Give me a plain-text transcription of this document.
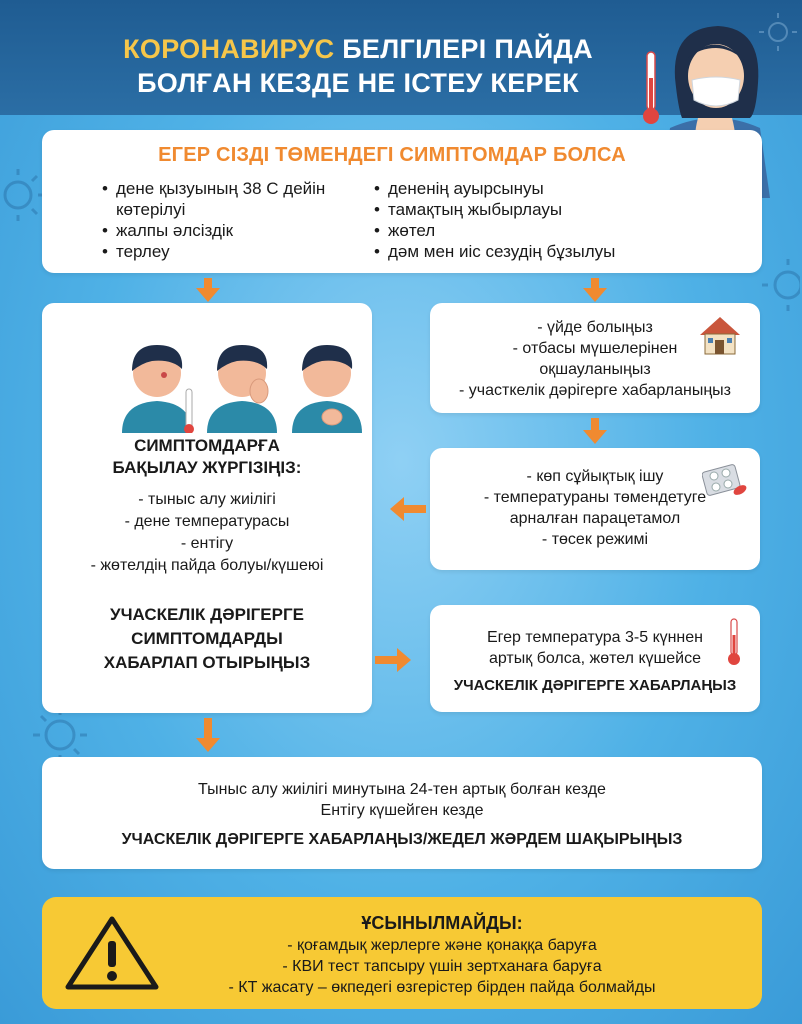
КОРОНАВИРУС БЕЛГІЛЕРІ ПАЙДА
БОЛҒАН КЕЗДЕ НЕ ІСТЕУ КЕРЕК
ЕГЕР СІЗДІ ТӨМЕНДЕГІ СИМПТОМДАР БОЛСА
• дене қызуының 38 С дейін көтерілуі
• жалпы әлсіздік
• терлеу
• дененің ауырсынуы
• тамақтың жыбырлауы
• жөтел
• дәм мен иіс сезудің бұзылуы
СИМПТОМДАРҒА
БАҚЫЛАУ ЖҮРГІЗІҢІЗ:
- тыныс алу жиілігі
- дене температурасы
- ентігу
- жөтелдің пайда болуы/күшеюі
УЧАСКЕЛІК ДӘРІГЕРГЕ
СИМПТОМДАРДЫ
ХАБАРЛАП ОТЫРЫҢЫЗ
- үйде болыңыз
- отбасы мүшелерінен
оқшауланыңыз
- участкелік дәрігерге хабарланыңыз
- көп сұйықтық ішу
- температураны төмендетуге
арналған парацетамол
- төсек режимі
Егер температура 3-5 күннен
артық болса, жөтел күшейсе
УЧАСКЕЛІК ДӘРІГЕРГЕ ХАБАРЛАҢЫЗ
Тыныс алу жиілігі минутына 24-тен артық болған кезде
Ентігу күшейген кезде
УЧАСКЕЛІК ДӘРІГЕРГЕ ХАБАРЛАҢЫЗ/ЖЕДЕЛ ЖӘРДЕМ ШАҚЫРЫҢЫЗ
ҰСЫНЫЛМАЙДЫ:
- қоғамдық жерлерге және қонаққа баруға
- КВИ тест тапсыру үшін зертханаға баруға
- КТ жасату – өкпедегі өзгерістер бірден пайда болмайды
